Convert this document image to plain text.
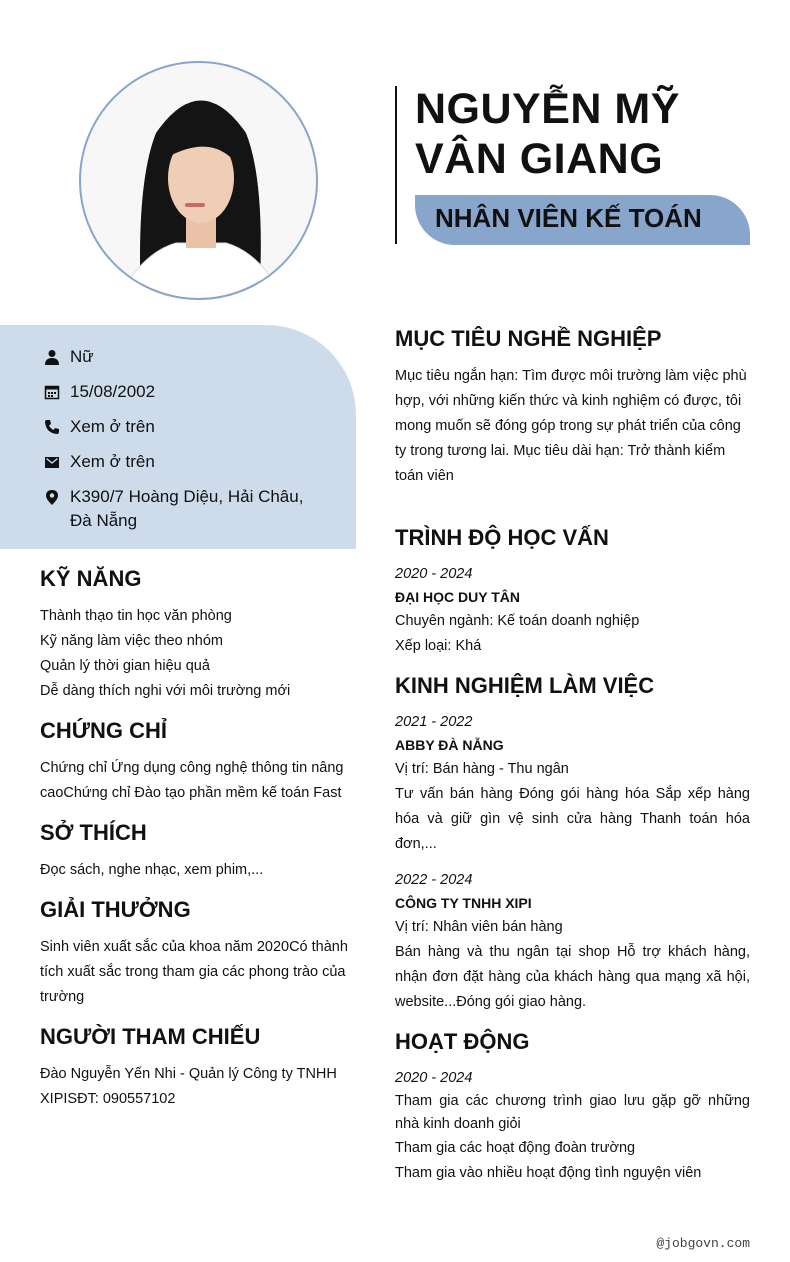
NGUYỄN MỸ VÂN GIANG
NHÂN VIÊN KẾ TOÁN
Nữ
15/08/2002
Xem ở trên
Xem ở trên
K390/7 Hoàng Diệu, Hải Châu, Đà Nẵng
KỸ NĂNG
Thành thạo tin học văn phòng
Kỹ năng làm việc theo nhóm
Quản lý thời gian hiệu quả
Dễ dàng thích nghi với môi trường mới
CHỨNG CHỈ
Chứng chỉ Ứng dụng công nghệ thông tin nâng caoChứng chỉ Đào tạo phần mềm kế toán Fast
SỞ THÍCH
Đọc sách, nghe nhạc, xem phim,...
GIẢI THƯỞNG
Sinh viên xuất sắc của khoa năm 2020Có thành tích xuất sắc trong tham gia các phong trào của trường
NGƯỜI THAM CHIẾU
Đào Nguyễn Yến Nhi - Quản lý Công ty TNHH XIPISĐT: 090557102
MỤC TIÊU NGHỀ NGHIỆP
Mục tiêu ngắn hạn: Tìm được môi trường làm việc phù hợp, với những kiến thức và kinh nghiệm có được, tôi mong muốn sẽ đóng góp trong sự phát triển của công ty trong tương lai. Mục tiêu dài hạn: Trở thành kiểm toán viên
TRÌNH ĐỘ HỌC VẤN
2020 - 2024
ĐẠI HỌC DUY TÂN
Chuyên ngành: Kế toán doanh nghiệp
Xếp loại: Khá
KINH NGHIỆM LÀM VIỆC
2021 - 2022
ABBY ĐÀ NẴNG
Vị trí: Bán hàng - Thu ngân
Tư vấn bán hàng Đóng gói hàng hóa Sắp xếp hàng hóa và giữ gìn vệ sinh cửa hàng Thanh toán hóa đơn,...
2022 - 2024
CÔNG TY TNHH XIPI
Vị trí: Nhân viên bán hàng
Bán hàng và thu ngân tại shop Hỗ trợ khách hàng, nhận đơn đặt hàng của khách hàng qua mạng xã hội, website...Đóng gói giao hàng.
HOẠT ĐỘNG
2020 - 2024
Tham gia các chương trình giao lưu gặp gỡ những nhà kinh doanh giỏi
Tham gia các hoạt động đoàn trường
Tham gia vào nhiều hoạt động tình nguyện viên
@jobgovn.com
